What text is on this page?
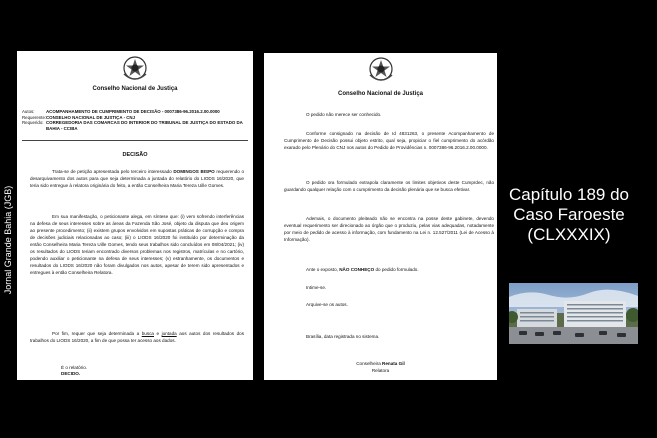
Jornal Grande Bahia (JGB)
Conselho Nacional de Justiça
Autos:	ACOMPANHAMENTO DE CUMPRIMENTO DE DECISÃO - 0007386-96.2016.2.00.0000
Requerente: CONSELHO NACIONAL DE JUSTIÇA - CNJ
Requerido: CORREGEDORIA DAS COMARCAS DO INTERIOR DO TRIBUNAL DE JUSTIÇA DO ESTADO DA BAHIA - CCIBA
DECISÃO

Trata-se de petição apresentada pelo terceiro interessado DOMINGOS BISPO requerendo o desarquivamento dos autos para que seja determinada a juntada do relatório do LIODS 16/2020, que teria sido entregue à relatora originária do feito, a então Conselheira Maria Tereza Uille Gomes.

Em sua manifestação, o peticionante alega, em síntese que: (i) vem sofrendo interferências na defesa de seus interesses sobre as áreas da Fazenda São José, objeto da disputa que deu origem ao presente procedimento; (ii) existem grupos envolvidos em supostas práticas de corrupção e compra de decisões judiciais relacionadas ao caso; (iii) o LIODS 16/2020 foi instituído por determinação da então Conselheira Maria Tereza Uille Gomes, tendo seus trabalhos sido concluídos em 08/04/2021; (iv) os resultados do LIODS teriam encontrado diversos problemas nos registros, matrículas e no cartório, podendo auxiliar o peticionante na defesa de seus interesses; (v) estranhamente, os documentos e resultados do LIODS 16/2020 não foram divulgados nos autos, apesar de terem sido apresentados e entregues à então Conselheira Relatora.

Por fim, requer que seja determinada a busca e juntada aos autos dos resultados dos trabalhos do LIODS 16/2020, a fim de que possa ter acesso aos dados.

É o relatório.
DECIDO.
Conselho Nacional de Justiça

O pedido não merece ser conhecido.

Conforme consignado na decisão de Id 4831263, o presente Acompanhamento de Cumprimento de Decisão possui objeto estrito, qual seja, propiciar o fiel cumprimento do acórdão exarado pelo Plenário do CNJ nos autos do Pedido de Providências n. 0007386-96.2016.2.00.0000.

O pedido ora formulado extrapola claramente os limites objetivos deste Cumprdec, não guardando qualquer relação com o cumprimento da decisão plenária que se busca efetivar.

Ademais, o documento pleiteado não se encontra na posse deste gabinete, devendo eventual requerimento ser direcionado ao órgão que o produziu, pelas vias adequadas, notadamente por meio de pedido de acesso à informação, com fundamento na Lei n. 12.527/2011 (Lei de Acesso à Informação).

Ante o exposto, NÃO CONHEÇO do pedido formulado.

Intime-se.

Arquive-se os autos.

Brasília, data registrada no sistema.

Conselheira Renata Gil
Relatora
Capítulo 189 do Caso Faroeste (CLXXXIX)
